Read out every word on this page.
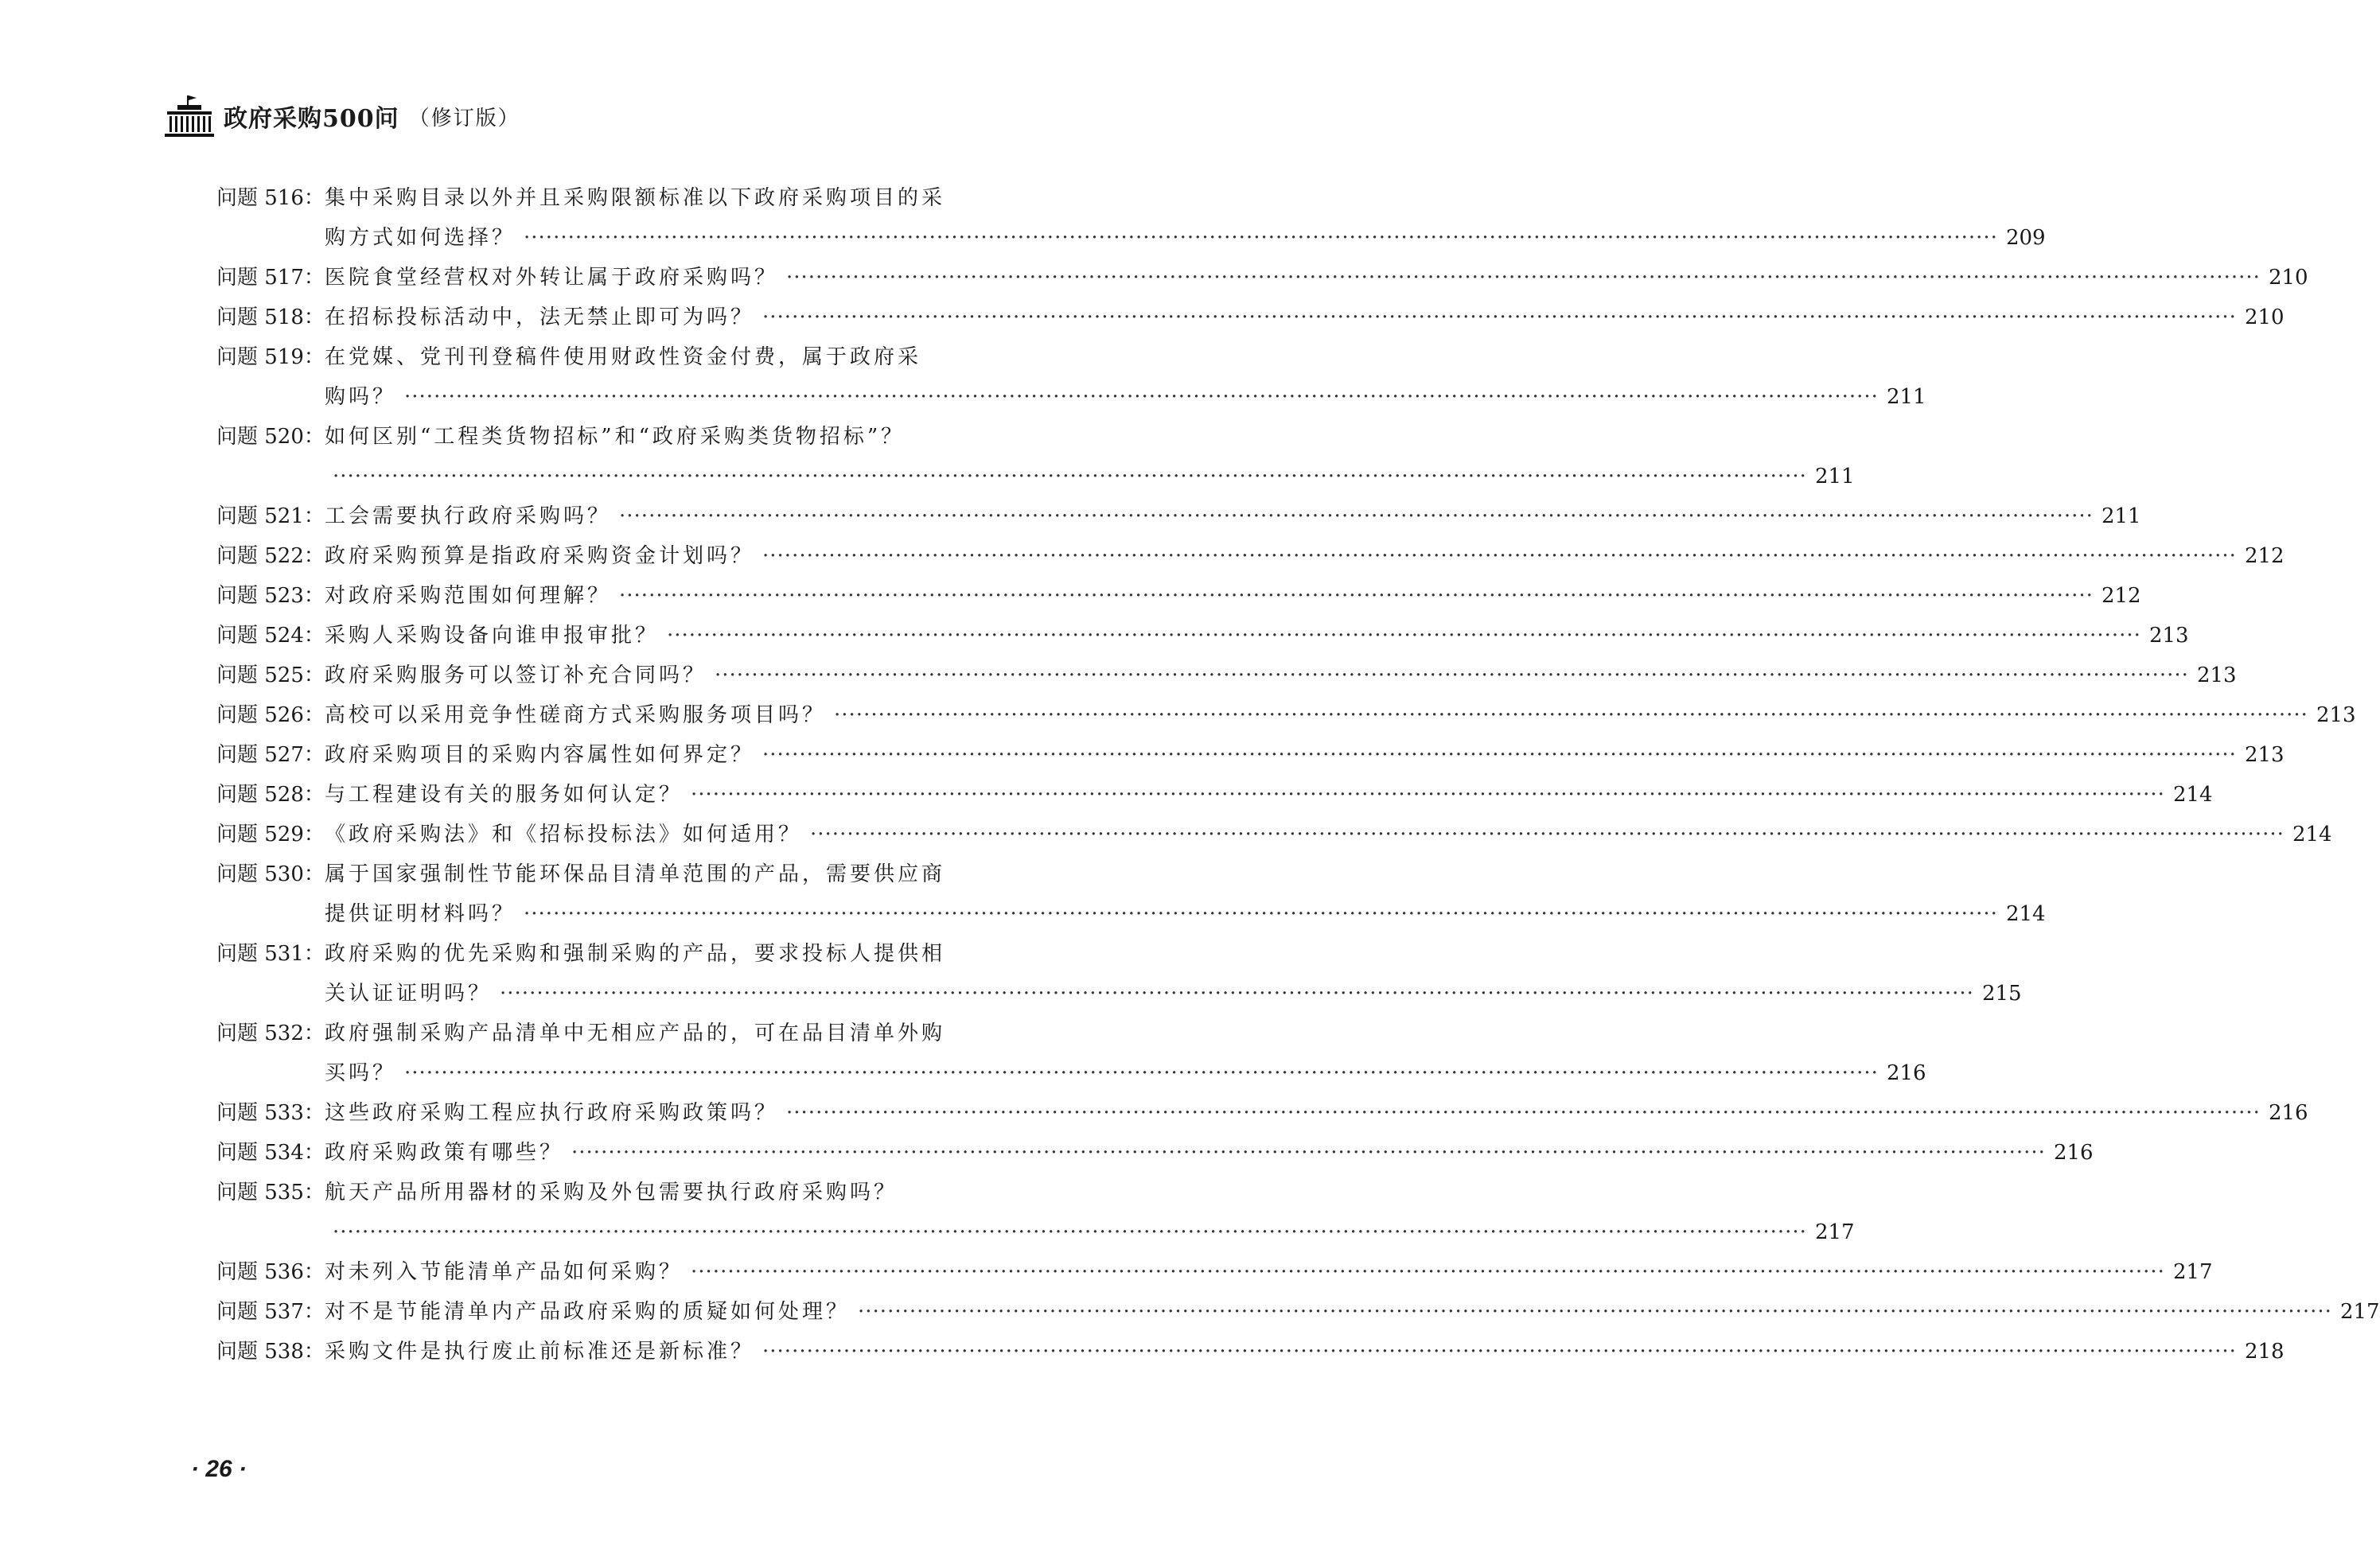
政府采购500问 （修订版）
问题 516： 集中采购目录以外并且采购限额标准以下政府采购项目的采
购方式如何选择？ ········································································································································································································ 209
问题 517： 医院食堂经营权对外转让属于政府采购吗？ ········································································································································································································ 210
问题 518： 在招标投标活动中，法无禁止即可为吗？ ········································································································································································································ 210
问题 519： 在党媒、党刊刊登稿件使用财政性资金付费，属于政府采
购吗？ ········································································································································································································ 211
问题 520： 如何区别“工程类货物招标”和“政府采购类货物招标”？
········································································································································································································ 211
问题 521： 工会需要执行政府采购吗？ ········································································································································································································ 211
问题 522： 政府采购预算是指政府采购资金计划吗？ ········································································································································································································ 212
问题 523： 对政府采购范围如何理解？ ········································································································································································································ 212
问题 524： 采购人采购设备向谁申报审批？ ········································································································································································································ 213
问题 525： 政府采购服务可以签订补充合同吗？ ········································································································································································································ 213
问题 526： 高校可以采用竞争性磋商方式采购服务项目吗？ ········································································································································································································ 213
问题 527： 政府采购项目的采购内容属性如何界定？ ········································································································································································································ 213
问题 528： 与工程建设有关的服务如何认定？ ········································································································································································································ 214
问题 529： 《政府采购法》和《招标投标法》如何适用？ ········································································································································································································ 214
问题 530： 属于国家强制性节能环保品目清单范围的产品，需要供应商
提供证明材料吗？ ········································································································································································································ 214
问题 531： 政府采购的优先采购和强制采购的产品，要求投标人提供相
关认证证明吗？ ········································································································································································································ 215
问题 532： 政府强制采购产品清单中无相应产品的，可在品目清单外购
买吗？ ········································································································································································································ 216
问题 533： 这些政府采购工程应执行政府采购政策吗？ ········································································································································································································ 216
问题 534： 政府采购政策有哪些？ ········································································································································································································ 216
问题 535： 航天产品所用器材的采购及外包需要执行政府采购吗？
········································································································································································································ 217
问题 536： 对未列入节能清单产品如何采购？ ········································································································································································································ 217
问题 537： 对不是节能清单内产品政府采购的质疑如何处理？ ········································································································································································································ 217
问题 538： 采购文件是执行废止前标准还是新标准？ ········································································································································································································ 218
· 26 ·
